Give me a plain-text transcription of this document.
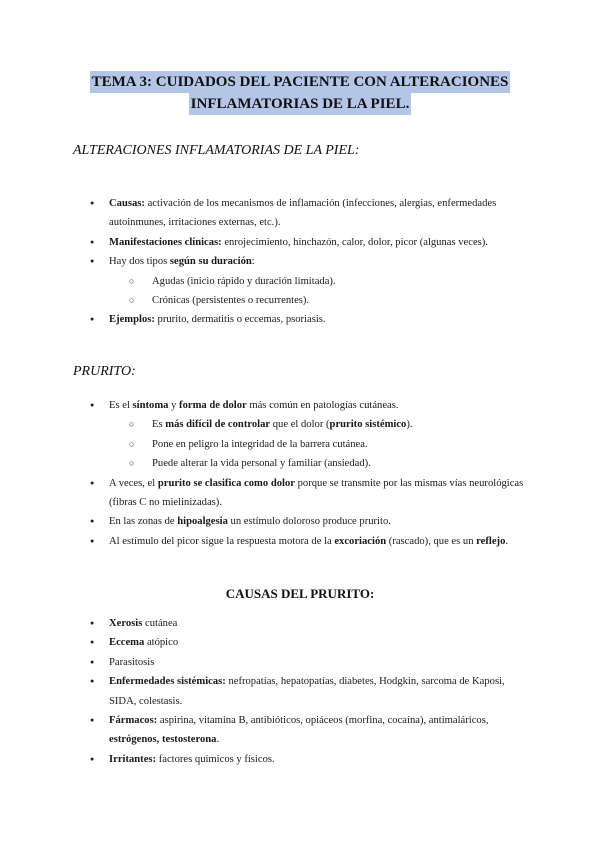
TEMA 3: CUIDADOS DEL PACIENTE CON ALTERACIONES
INFLAMATORIAS DE LA PIEL.
ALTERACIONES INFLAMATORIAS DE LA PIEL:
● Causas: activación de los mecanismos de inflamación (infecciones, alergias, enfermedades autoinmunes, irritaciones externas, etc.).
● Manifestaciones clínicas: enrojecimiento, hinchazón, calor, dolor, picor (algunas veces).
● Hay dos tipos según su duración:
○ Agudas (inicio rápido y duración limitada).
○ Crónicas (persistentes o recurrentes).
● Ejemplos: prurito, dermatitis o eccemas, psoriasis.
PRURITO:
● Es el síntoma y forma de dolor más común en patologías cutáneas.
○ Es más difícil de controlar que el dolor (prurito sistémico).
○ Pone en peligro la integridad de la barrera cutánea.
○ Puede alterar la vida personal y familiar (ansiedad).
● A veces, el prurito se clasifica como dolor porque se transmite por las mismas vías neurológicas (fibras C no mielinizadas).
● En las zonas de hipoalgesia un estímulo doloroso produce prurito.
● Al estímulo del picor sigue la respuesta motora de la excoriación (rascado), que es un reflejo.
CAUSAS DEL PRURITO:
● Xerosis cutánea
● Eccema atópico
● Parasitosis
● Enfermedades sistémicas: nefropatías, hepatopatías, diabetes, Hodgkin, sarcoma de Kaposi, SIDA, colestasis.
● Fármacos: aspirina, vitamina B, antibióticos, opiáceos (morfina, cocaína), antimaláricos, estrógenos, testosterona.
● Irritantes: factores químicos y físicos.
